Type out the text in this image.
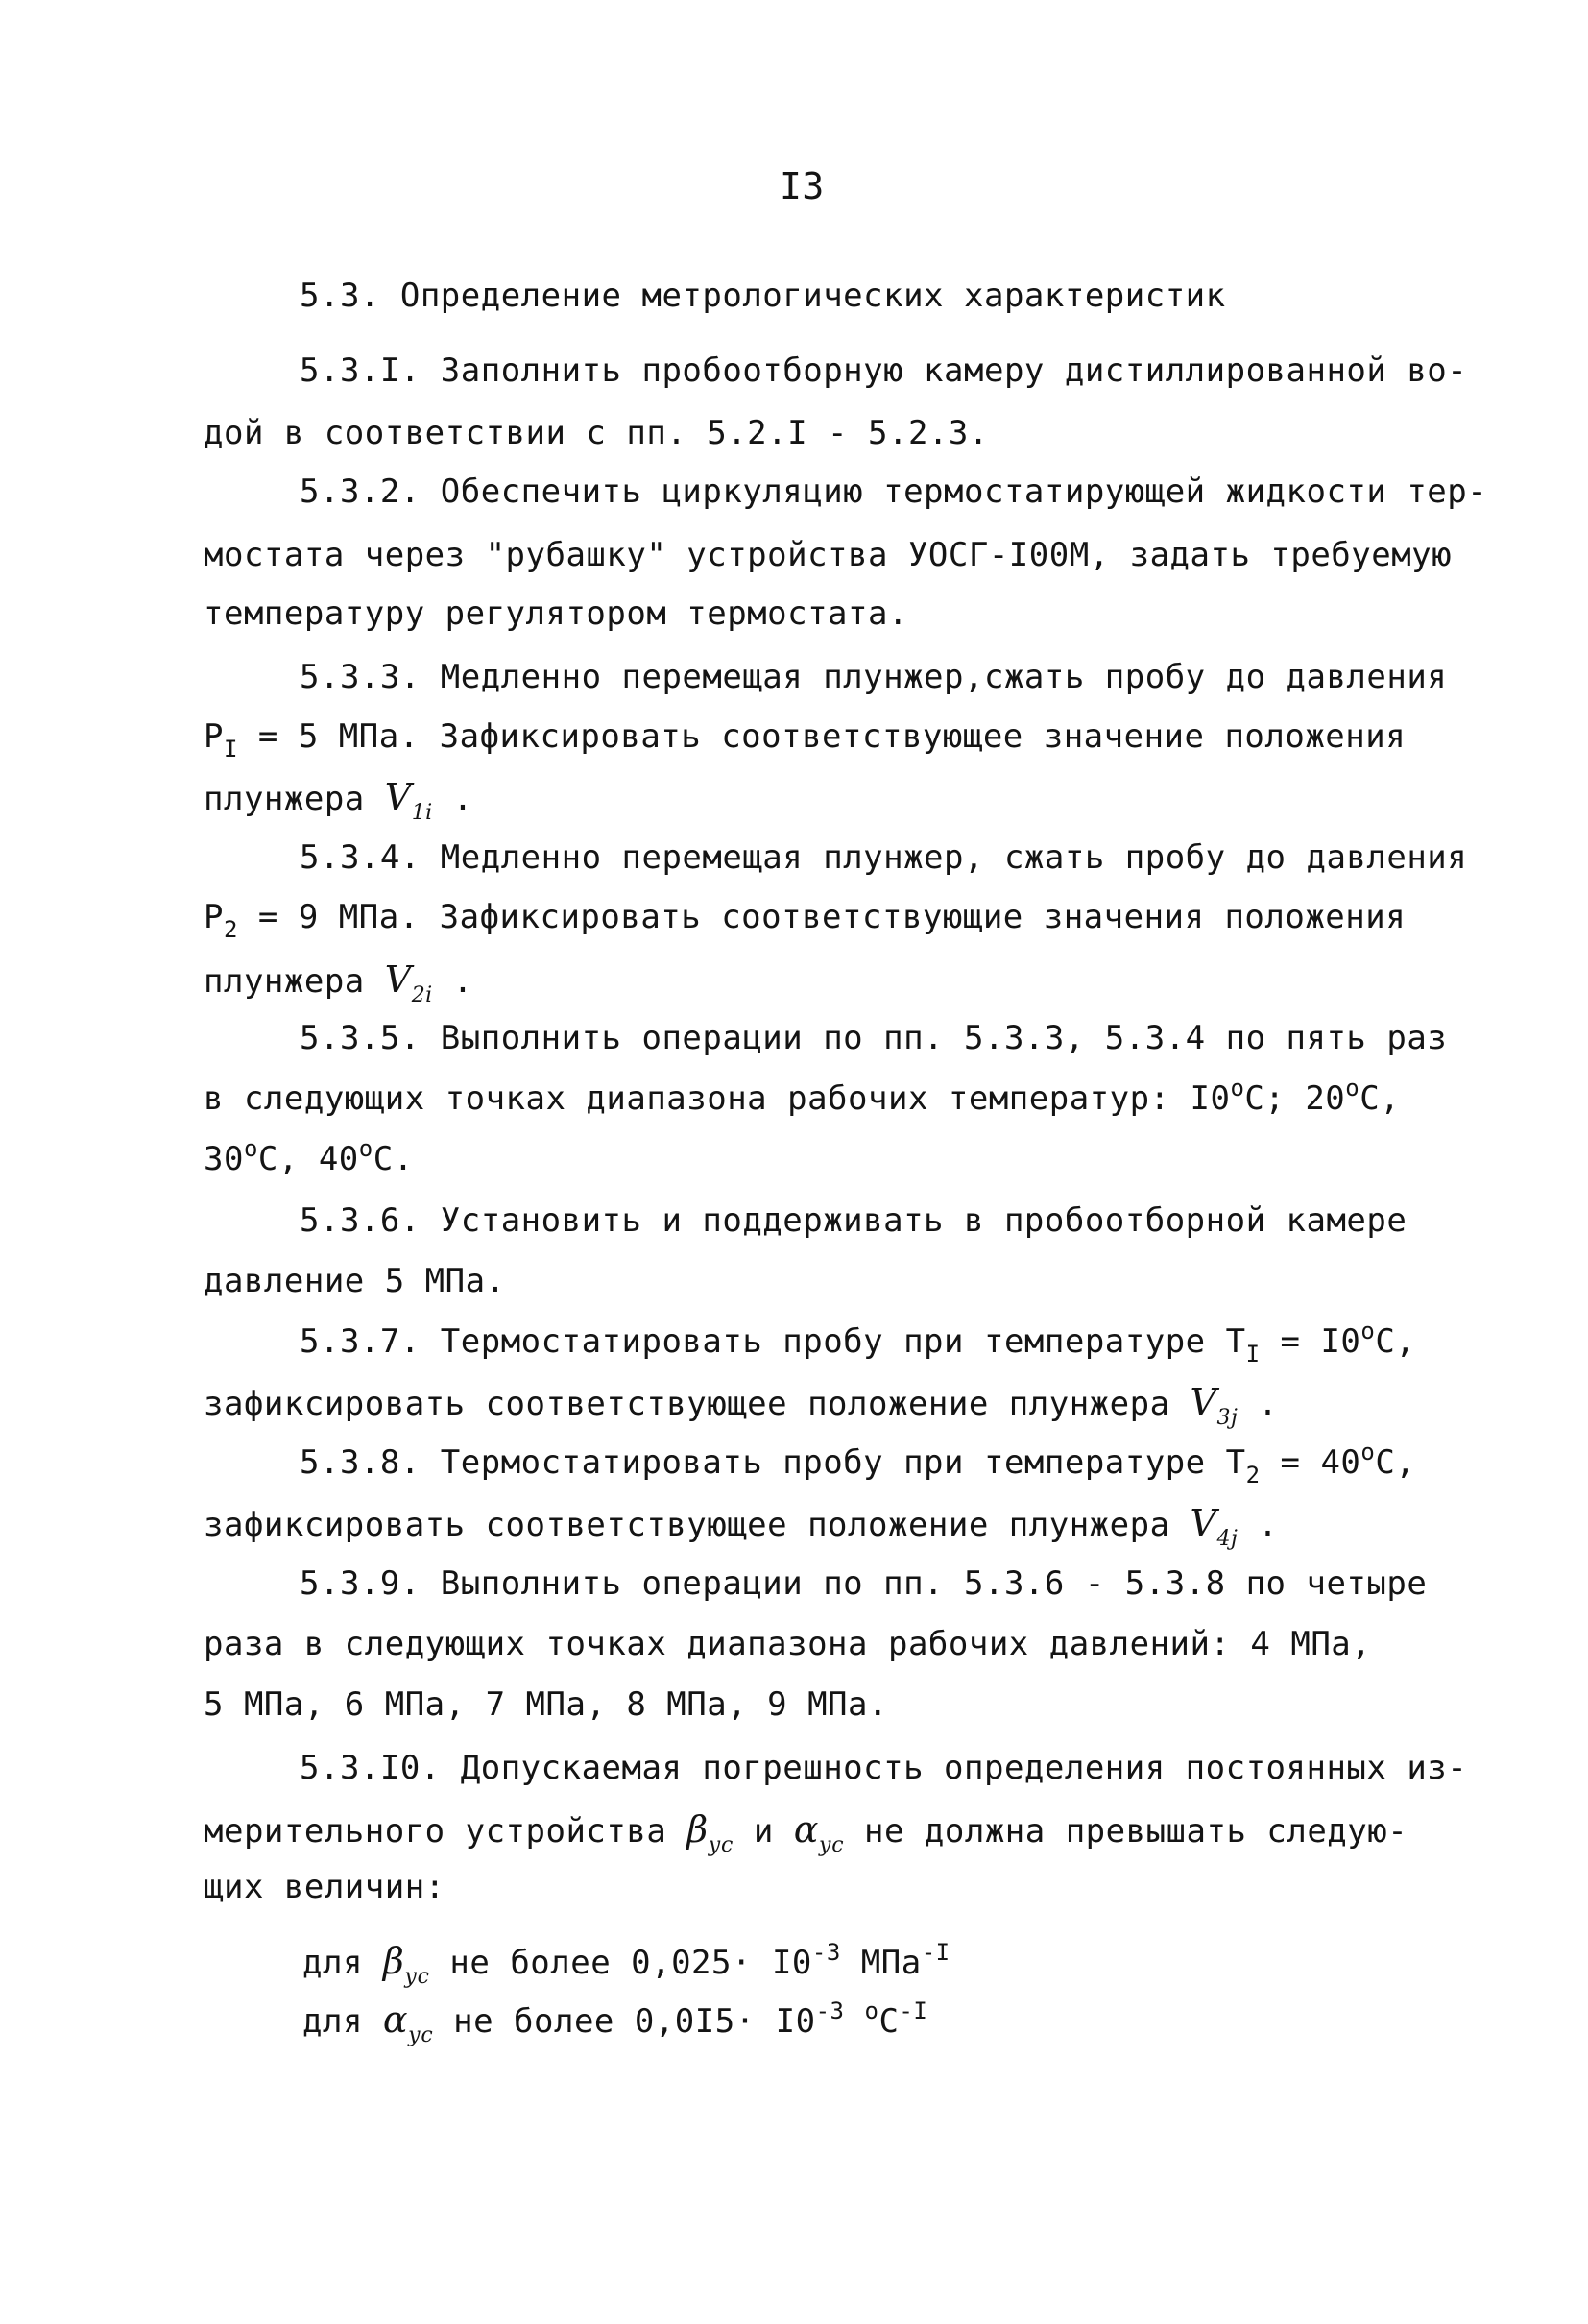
I3
5.3. Определение метрологических характеристик
5.3.I. Заполнить пробоотборную камеру дистиллированной во-
дой в соответствии с пп. 5.2.I - 5.2.3.
5.3.2. Обеспечить циркуляцию термостатирующей жидкости тер-
мостата через "рубашку" устройства УОСГ-I00М, задать требуемую
температуру регулятором термостата.
5.3.3. Медленно перемещая плунжер,сжать пробу до давления
$P_I = 5$ МПа. Зафиксировать соответствующее значение положения
плунжера $V_{1i}$ .
5.3.4. Медленно перемещая плунжер, сжать пробу до давления
$P_2 = 9$ МПа. Зафиксировать соответствующие значения положения
плунжера $V_{2i}$ .
5.3.5. Выполнить операции по пп. 5.3.3, 5.3.4 по пять раз
в следующих точках диапазона рабочих температур: I0$^o$С; 20$^o$С,
30$^o$С, 40$^o$С.
5.3.6. Установить и поддерживать в пробоотборной камере
давление 5 МПа.
5.3.7. Термостатировать пробу при температуре $Т_I = I0^oС$,
зафиксировать соответствующее положение плунжера $V_{3j}$ .
5.3.8. Термостатировать пробу при температуре $Т_2 = 40^oС$,
зафиксировать соответствующее положение плунжера $V_{4j}$ .
5.3.9. Выполнить операции по пп. 5.3.6 - 5.3.8 по четыре
раза в следующих точках диапазона рабочих давлений: 4 МПа,
5 МПа, 6 МПа, 7 МПа, 8 МПа, 9 МПа.
5.3.I0. Допускаемая погрешность определения постоянных из-
мерительного устройства $\beta_{ус}$ и $\alpha_{ус}$ не должна превышать следую-
щих величин:
для $\beta_{ус}$ не более $0,025\cdot I0^{-3}$ МПа$^{-I}$
для $\alpha_{ус}$ не более $0,0I5\cdot I0^{-3}$ $^oС^{-I}$
